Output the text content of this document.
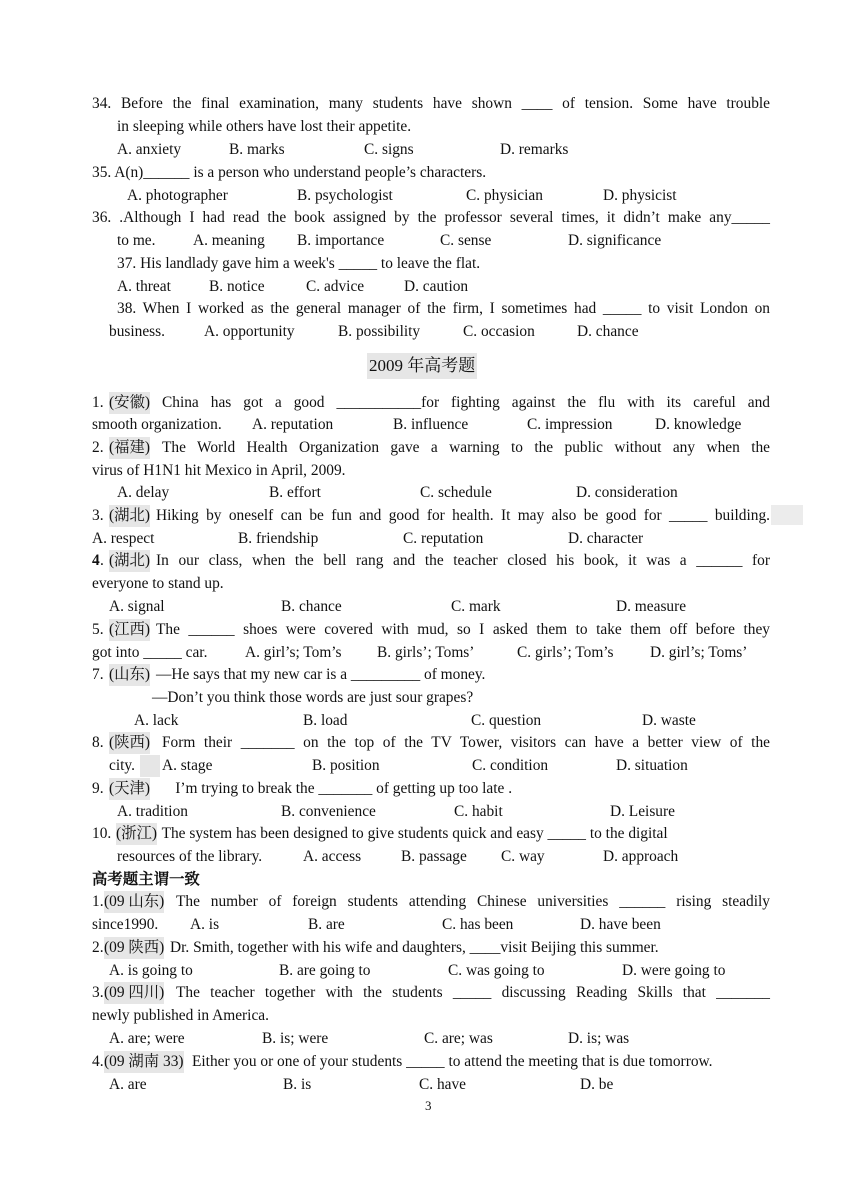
34. Before the final examination, many students have shown ____ of tension. Some have trouble
in sleeping while others have lost their appetite.
A. anxiety	B. marks	C. signs	D. remarks
35. A(n)______ is a person who understand people’s characters.
A. photographer	B. psychologist	C. physician	D. physicist
36. .Although I had read the book assigned by the professor several times, it didn’t make any_____
to me. A. meaning B. importance	C. sense	D. significance
37. His landlady gave him a week's _____ to leave the flat.
A. threat B. notice	C. advice	D. caution
38. When I worked as the general manager of the firm, I sometimes had _____ to visit London on
business.	A. opportunity	B. possibility	C. occasion	D. chance
2009 年高考题
1. (安徽) China has got a good ___________for fighting against the flu with its careful and
smooth organization. A. reputation	B. influence	C. impression	D. knowledge
2. (福建) The World Health Organization gave a warning to the public without any when the
virus of H1N1 hit Mexico in April, 2009.
A. delay	B. effort	C. schedule	D. consideration
3. (湖北) Hiking by oneself can be fun and good for health. It may also be good for _____ building.
A. respect	B. friendship	C. reputation	D. character
4 . (湖北) In our class, when the bell rang and the teacher closed his book, it was a ______ for
everyone to stand up.
A. signal	B. chance	C. mark	D. measure
5. (江西) The ______ shoes were covered with mud, so I asked them to take them off before they
got into _____ car. A. girl’s; Tom’s B. girls’; Toms’	C. girls’; Tom’s D. girl’s; Toms’
7. (山东) —He says that my new car is a _________ of money.
—Don’t you think those words are just sour grapes?
A. lack	B. load	C. question	D. waste
8. (陕西) Form their _______ on the top of the TV Tower, visitors can have a better view of the
city.
A. stage	B. position	C. condition	D. situation
9. (天津) I’m trying to break the _______ of getting up too late .
A. tradition	B. convenience	C. habit	D. Leisure
10. (浙江) The system has been designed to give students quick and easy _____ to the digital
resources of the library.	A. access	B. passage C. way	D. approach
高考题主谓一致
1. (09 山东) The number of foreign students attending Chinese universities ______ rising steadily
since1990. A. is	B. are	C. has been	D. have been
2. (09 陕西) Dr. Smith, together with his wife and daughters, ____visit Beijing this summer.
A. is going to	B. are going to	C. was going to	D. were going to
3. (09 四川) The teacher together with the students _____ discussing Reading Skills that _______
newly published in America.
A. are; were	B. is; were	C. are; was	D. is; was
4. (09 湖南 33) Either you or one of your students _____ to attend the meeting that is due tomorrow.
A. are	B. is	C. have	D. be
3
